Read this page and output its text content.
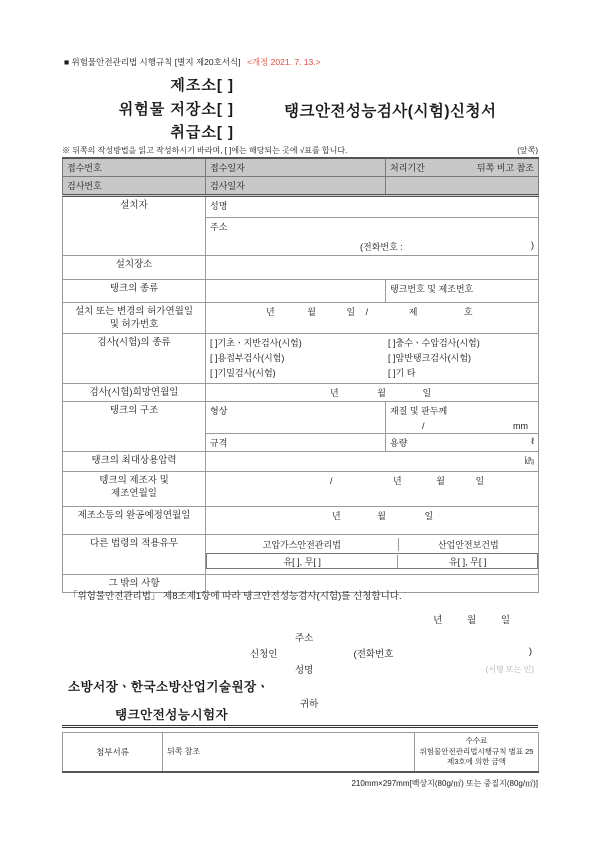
■ 위험물안전관리법 시행규칙 [별지 제20호서식] <개정 2021. 7. 13.>
제조소[ ]
위험물 저장소[ ]
취급소[ ]
탱크안전성능검사(시험)신청서
※ 뒤쪽의 작성방법을 읽고 작성하시기 바라며, [ ]에는 해당되는 곳에 √표를 합니다.	(앞쪽)
접수번호	접수일자	처리기간 뒤쪽 비고 참조

검사번호	검사일자	
설치자	성명	

	주소
(전화번호 : )	

설치장소		
탱크의 종류		탱크번호 및 제조번호

설치 또는 변경의 허가연월일
및 허가번호	년 월 일 / 제 호	
검사(시험)의 종류	[ ]기초ㆍ지반검사(시험)	[ ]충수ㆍ수압검사(시험)
[ ]용접부검사(시험)	[ ]암반탱크검사(시험)
[ ]기밀검사(시험)	[ ]기 타

검사(시험)희망연월일	년 월 일	
탱크의 구조	형상	재질 및 판두께
/ mm

	규격	용량 ℓ

탱크의 최대상용압력	㎪	

텡크의 제조자 및
제조연월일	/ 년 월 일	
제조소등의 완공예정연월일	년 월 일	
다른 법령의 적용유무	고압가스안전관리법 산업안전보건법
유[ ], 무[ ] 유[ ], 무[ ]	

그 밖의 사항		
「위험물안전관리법」 제8조제1항에 따라 탱크안전성능검사(시험)를 신청합니다.
년	월	일
주소
신청인	(전화번호	)
성명	(서명 또는 인)
소방서장ㆍ한국소방산업기술원장ㆍ
귀하
탱크안전성능시험자
첨부서류	뒤쪽 참조	
수수료
위험물안전관리법시행규칙 별표 25 제3호에 의한 금액
210mm×297mm[백상지(80g/㎡) 또는 중질지(80g/㎡)]
